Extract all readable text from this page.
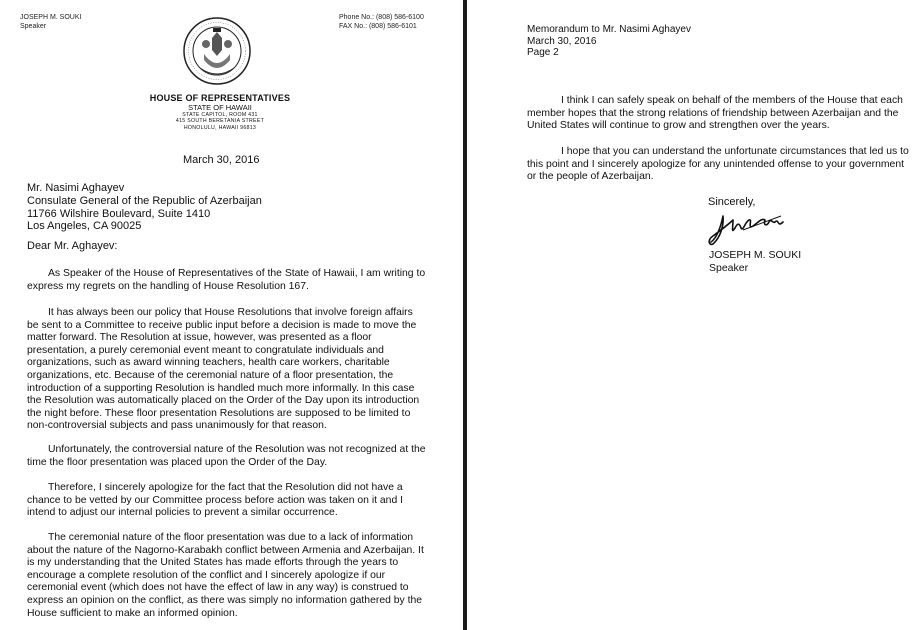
JOSEPH M. SOUKI
Speaker
Phone No.: (808) 586-6100
FAX No.: (808) 586-6101
HOUSE OF REPRESENTATIVES
STATE OF HAWAII
STATE CAPITOL, ROOM 431
415 SOUTH BERETANIA STREET
HONOLULU, HAWAII 96813
March 30, 2016
Mr. Nasimi Aghayev
Consulate General of the Republic of Azerbaijan
11766 Wilshire Boulevard, Suite 1410
Los Angeles, CA 90025
Dear Mr. Aghayev:

As Speaker of the House of Representatives of the State of Hawaii, I am writing to express my regrets on the handling of House Resolution 167.

It has always been our policy that House Resolutions that involve foreign affairs be sent to a Committee to receive public input before a decision is made to move the matter forward. The Resolution at issue, however, was presented as a floor presentation, a purely ceremonial event meant to congratulate individuals and organizations, such as award winning teachers, health care workers, charitable organizations, etc. Because of the ceremonial nature of a floor presentation, the introduction of a supporting Resolution is handled much more informally. In this case the Resolution was automatically placed on the Order of the Day upon its introduction the night before. These floor presentation Resolutions are supposed to be limited to non-controversial subjects and pass unanimously for that reason.

Unfortunately, the controversial nature of the Resolution was not recognized at the time the floor presentation was placed upon the Order of the Day.

Therefore, I sincerely apologize for the fact that the Resolution did not have a chance to be vetted by our Committee process before action was taken on it and I intend to adjust our internal policies to prevent a similar occurrence.

The ceremonial nature of the floor presentation was due to a lack of information about the nature of the Nagorno-Karabakh conflict between Armenia and Azerbaijan. It is my understanding that the United States has made efforts through the years to encourage a complete resolution of the conflict and I sincerely apologize if our ceremonial event (which does not have the effect of law in any way) is construed to express an opinion on the conflict, as there was simply no information gathered by the House sufficient to make an informed opinion.

Memorandum to Mr. Nasimi Aghayev
March 30, 2016
Page 2

I think I can safely speak on behalf of the members of the House that each member hopes that the strong relations of friendship between Azerbaijan and the United States will continue to grow and strengthen over the years.

I hope that you can understand the unfortunate circumstances that led us to this point and I sincerely apologize for any unintended offense to your government or the people of Azerbaijan.

Sincerely,
JOSEPH M. SOUKI
Speaker
